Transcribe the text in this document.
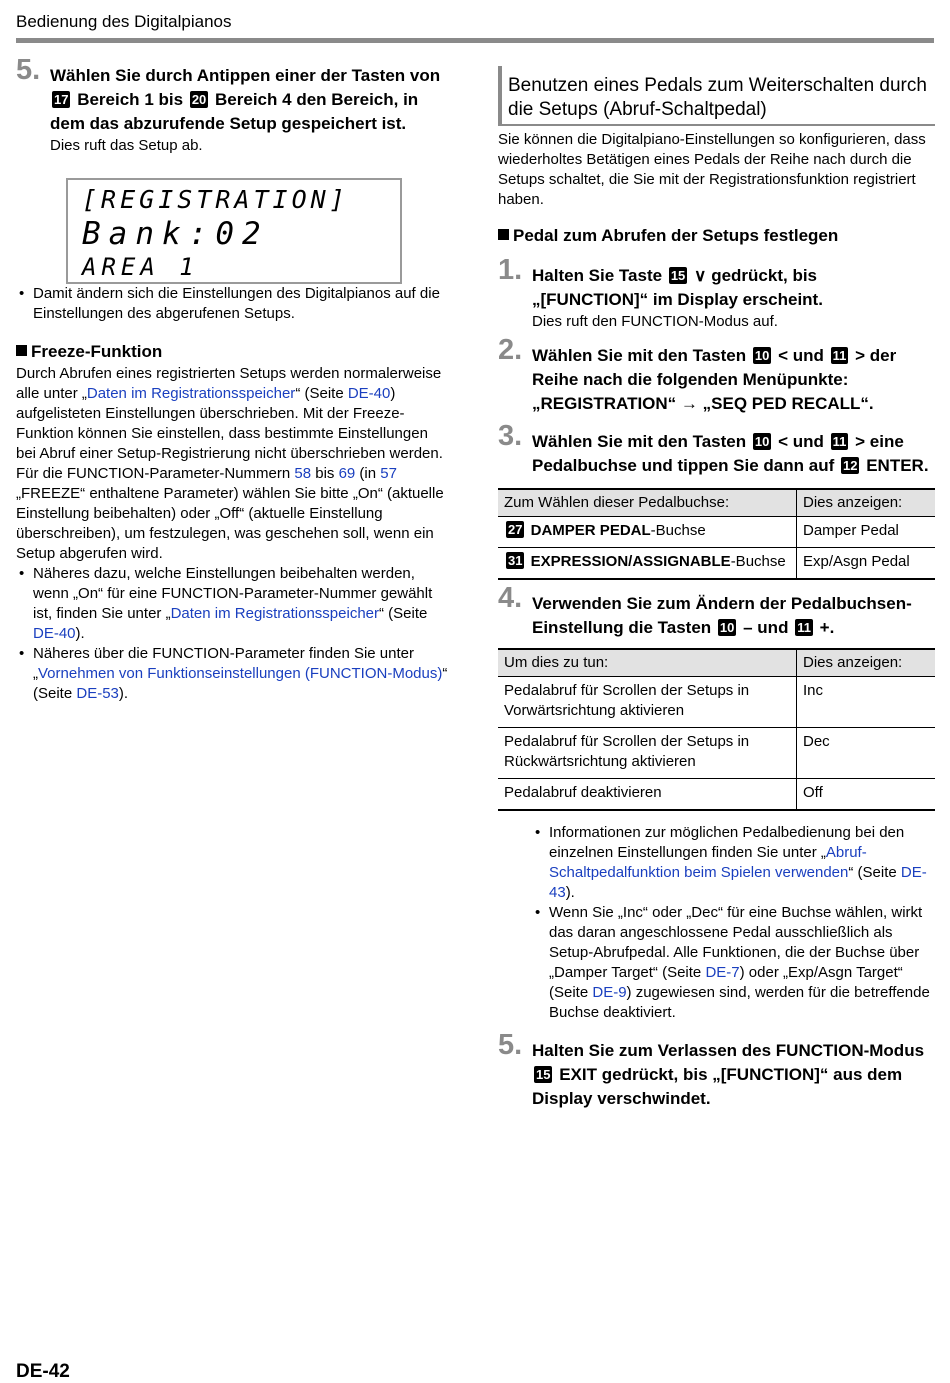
Bedienung des Digitalpianos
5. Wählen Sie durch Antippen einer der Tasten von 17 Bereich 1 bis 20 Bereich 4 den Bereich, in dem das abzurufende Setup gespeichert ist.
Dies ruft das Setup ab.
[REGISTRATION]
Bank:02
AREA 1
• Damit ändern sich die Einstellungen des Digitalpianos auf die Einstellungen des abgerufenen Setups.
Freeze-Funktion
Durch Abrufen eines registrierten Setups werden normalerweise alle unter „Daten im Registrationsspeicher“ (Seite DE-40) aufgelisteten Einstellungen überschrieben. Mit der Freeze-Funktion können Sie einstellen, dass bestimmte Einstellungen bei Abruf einer Setup-Registrierung nicht überschrieben werden.
Für die FUNCTION-Parameter-Nummern 58 bis 69 (in 57 „FREEZE“ enthaltene Parameter) wählen Sie bitte „On“ (aktuelle Einstellung beibehalten) oder „Off“ (aktuelle Einstellung überschreiben), um festzulegen, was geschehen soll, wenn ein Setup abgerufen wird.
• Näheres dazu, welche Einstellungen beibehalten werden, wenn „On“ für eine FUNCTION-Parameter-Nummer gewählt ist, finden Sie unter „Daten im Registrationsspeicher“ (Seite DE-40).
• Näheres über die FUNCTION-Parameter finden Sie unter „Vornehmen von Funktionseinstellungen (FUNCTION-Modus)“ (Seite DE-53).
Benutzen eines Pedals zum Weiterschalten durch die Setups (Abruf-Schaltpedal)
Sie können die Digitalpiano-Einstellungen so konfigurieren, dass wiederholtes Betätigen eines Pedals der Reihe nach durch die Setups schaltet, die Sie mit der Registrationsfunktion registriert haben.
Pedal zum Abrufen der Setups festlegen
1. Halten Sie Taste 15 ∨ gedrückt, bis „[FUNCTION]“ im Display erscheint.
Dies ruft den FUNCTION-Modus auf.
2. Wählen Sie mit den Tasten 10 < und 11 > der Reihe nach die folgenden Menüpunkte: „REGISTRATION“ → „SEQ PED RECALL“.
3. Wählen Sie mit den Tasten 10 < und 11 > eine Pedalbuchse und tippen Sie dann auf 12 ENTER.
Zum Wählen dieser Pedalbuchse:	Dies anzeigen:
27 DAMPER PEDAL-Buchse	Damper Pedal
31 EXPRESSION/ASSIGNABLE-Buchse	Exp/Asgn Pedal
4. Verwenden Sie zum Ändern der Pedalbuchsen-Einstellung die Tasten 10 – und 11 +.
Um dies zu tun:	Dies anzeigen:
Pedalabruf für Scrollen der Setups in Vorwärtsrichtung aktivieren	Inc
Pedalabruf für Scrollen der Setups in Rückwärtsrichtung aktivieren	Dec
Pedalabruf deaktivieren	Off
• Informationen zur möglichen Pedalbedienung bei den einzelnen Einstellungen finden Sie unter „Abruf-Schaltpedalfunktion beim Spielen verwenden“ (Seite DE-43).
• Wenn Sie „Inc“ oder „Dec“ für eine Buchse wählen, wirkt das daran angeschlossene Pedal ausschließlich als Setup-Abrufpedal. Alle Funktionen, die der Buchse über „Damper Target“ (Seite DE-7) oder „Exp/Asgn Target“ (Seite DE-9) zugewiesen sind, werden für die betreffende Buchse deaktiviert.
5. Halten Sie zum Verlassen des FUNCTION-Modus 15 EXIT gedrückt, bis „[FUNCTION]“ aus dem Display verschwindet.
DE-42
